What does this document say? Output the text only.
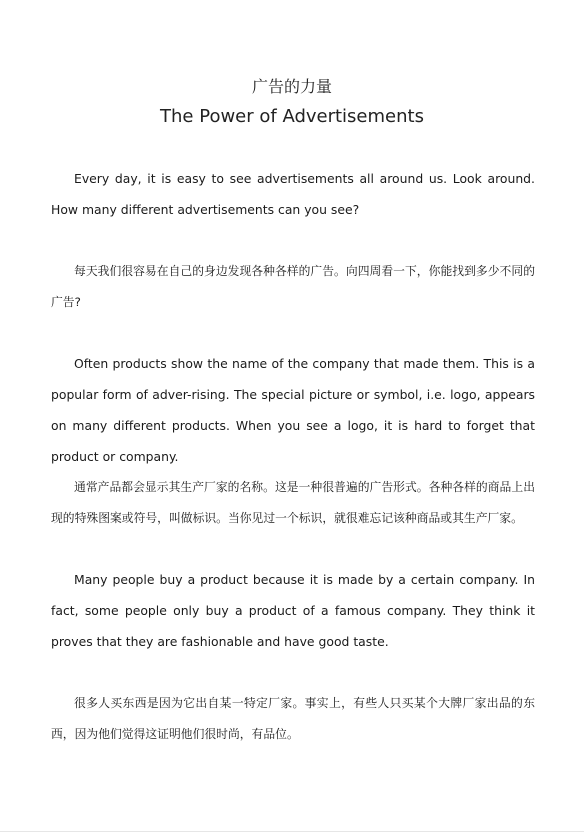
广告的力量
The Power of Advertisements

Every day, it is easy to see advertisements all around us. Look around. How many different advertisements can you see?

每天我们很容易在自己的身边发现各种各样的广告。向四周看一下，你能找到多少不同的广告?

Often products show the name of the company that made them. This is a popular form of adver-rising. The special picture or symbol, i.e. logo, appears on many different products. When you see a logo, it is hard to forget that product or company.

通常产品都会显示其生产厂家的名称。这是一种很普遍的广告形式。各种各样的商品上出现的特殊图案或符号，叫做标识。当你见过一个标识，就很难忘记该种商品或其生产厂家。

Many people buy a product because it is made by a certain company. In fact, some people only buy a product of a famous company. They think it proves that they are fashionable and have good taste.

很多人买东西是因为它出自某一特定厂家。事实上，有些人只买某个大牌厂家出品的东西，因为他们觉得这证明他们很时尚，有品位。
